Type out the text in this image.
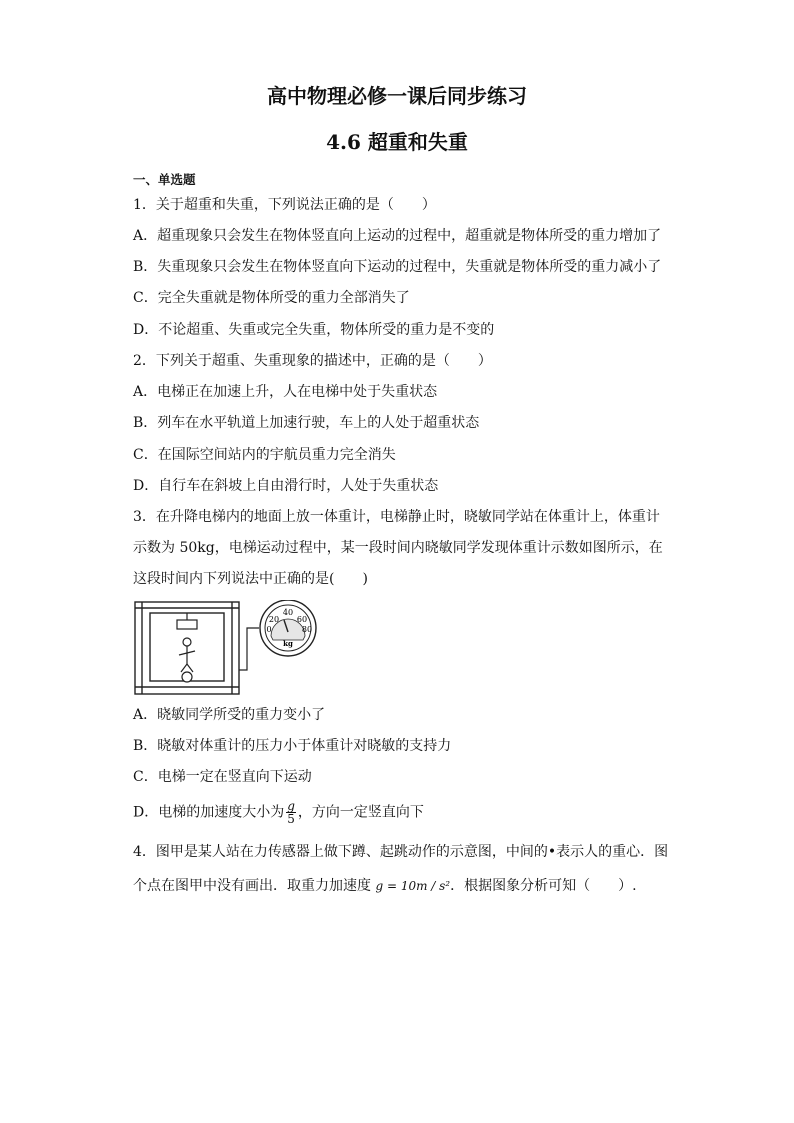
高中物理必修一课后同步练习
4.6 超重和失重
一、单选题
1．关于超重和失重，下列说法正确的是（　　）
A．超重现象只会发生在物体竖直向上运动的过程中，超重就是物体所受的重力增加了
B．失重现象只会发生在物体竖直向下运动的过程中，失重就是物体所受的重力减小了
C．完全失重就是物体所受的重力全部消失了
D．不论超重、失重或完全失重，物体所受的重力是不变的
2．下列关于超重、失重现象的描述中，正确的是（　　）
A．电梯正在加速上升，人在电梯中处于失重状态
B．列车在水平轨道上加速行驶，车上的人处于超重状态
C．在国际空间站内的宇航员重力完全消失
D．自行车在斜坡上自由滑行时，人处于失重状态
3．在升降电梯内的地面上放一体重计，电梯静止时，晓敏同学站在体重计上，体重计
示数为 50kg，电梯运动过程中，某一段时间内晓敏同学发现体重计示数如图所示，在
这段时间内下列说法中正确的是(　　)
40
20 60
0	80
kg
A．晓敏同学所受的重力变小了
B．晓敏对体重计的压力小于体重计对晓敏的支持力
C．电梯一定在竖直向下运动
D．电梯的加速度大小为 $\frac{g}{5}$ ，方向一定竖直向下
4．图甲是某人站在力传感器上做下蹲、起跳动作的示意图，中间的•表示人的重心．图
个点在图甲中没有画出．取重力加速度 g = 10m / s²．根据图象分析可知（　　）.
